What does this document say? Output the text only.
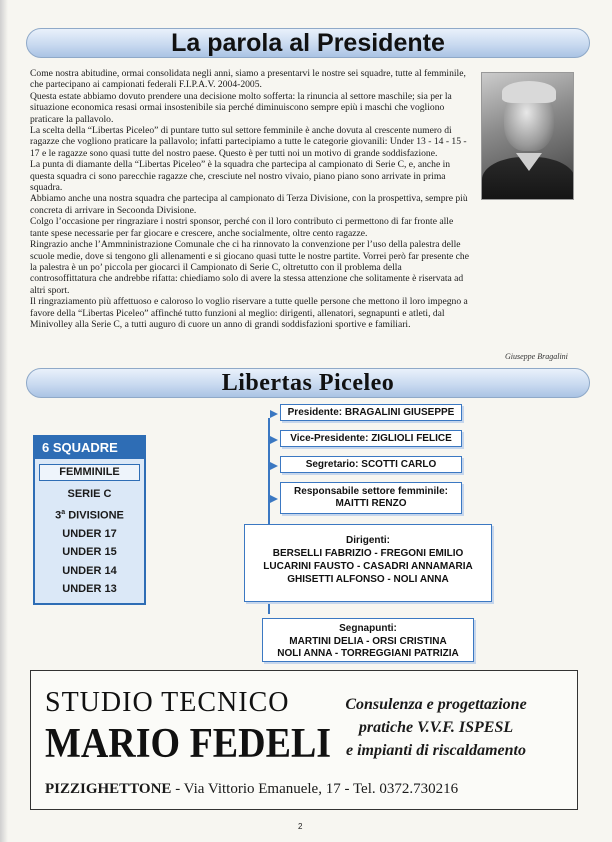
La parola al Presidente

Come nostra abitudine, ormai consolidata negli anni, siamo a presentarvi le nostre sei squadre, tutte al femminile, che partecipano ai campionati federali F.I.P.A.V. 2004-2005.

Questa estate abbiamo dovuto prendere una decisione molto sofferta: la rinuncia al settore maschile; sia per la situazione economica resasi ormai insostenibile sia perché diminuiscono sempre epiù i maschi che vogliono praticare la pallavolo.

La scelta della “Libertas Piceleo” di puntare tutto sul settore femminile è anche dovuta al crescente numero di ragazze che vogliono praticare la pallavolo; infatti partecipiamo a tutte le categorie giovanili: Under 13 - 14 - 15 - 17 e le ragazze sono quasi tutte del nostro paese. Questo è per tutti noi un motivo di grande soddisfazione.

La punta di diamante della “Libertas Piceleo” è la squadra che partecipa al campionato di Serie C, e, anche in questa squadra ci sono parecchie ragazze che, cresciute nel nostro vivaio, piano piano sono arrivate in prima squadra.

Abbiamo anche una nostra squadra che partecipa al campionato di Terza Divisione, con la prospettiva, sempre più concreta di arrivare in Secoonda Divisione.

Colgo l’occasione per ringraziare i nostri sponsor, perché con il loro contributo ci permettono di far fronte alle tante spese necessarie per far giocare e crescere, anche socialmente, oltre cento ragazze.

Ringrazio anche l’Ammninistrazione Comunale che ci ha rinnovato la convenzione per l’uso della palestra delle scuole medie, dove si tengono gli allenamenti e si giocano quasi tutte le nostre partite. Vorrei però far presente che la palestra è un po’ piccola per giocarci il Campionato di Serie C, oltretutto con il problema della controsoffittatura che andrebbe rifatta: chiediamo solo di avere la stessa attenzione che solitamente è riservata ad altri sport.

Il ringraziamento più affettuoso e caloroso lo voglio riservare a tutte quelle persone che mettono il loro impegno a favore della “Libertas Piceleo” affinché tutto funzioni al meglio: dirigenti, allenatori, segnapunti e atleti, dal Minivolley alla Serie C, a tutti auguro di cuore un anno di grandi soddisfazioni sportive e familiari.

Giuseppe Bragalini
Libertas Piceleo
6 SQUADRE
FEMMINILE
SERIE C
3$^a$ DIVISIONE
UNDER 17
UNDER 15
UNDER 14
UNDER 13
Presidente: BRAGALINI GIUSEPPE
Vice-Presidente: ZIGLIOLI FELICE
Segretario: SCOTTI CARLO
Responsabile settore femminile:
MAITTI RENZO
Dirigenti:
BERSELLI FABRIZIO - FREGONI EMILIO
LUCARINI FAUSTO - CASADRI ANNAMARIA
GHISETTI ALFONSO - NOLI ANNA
Segnapunti:
MARTINI DELIA - ORSI CRISTINA
NOLI ANNA - TORREGGIANI PATRIZIA
STUDIO TECNICO
MARIO FEDELI
Consulenza e progettazione
pratiche V.V.F. ISPESL
e impianti di riscaldamento
PIZZIGHETTONE - Via Vittorio Emanuele, 17 - Tel. 0372.730216
2
